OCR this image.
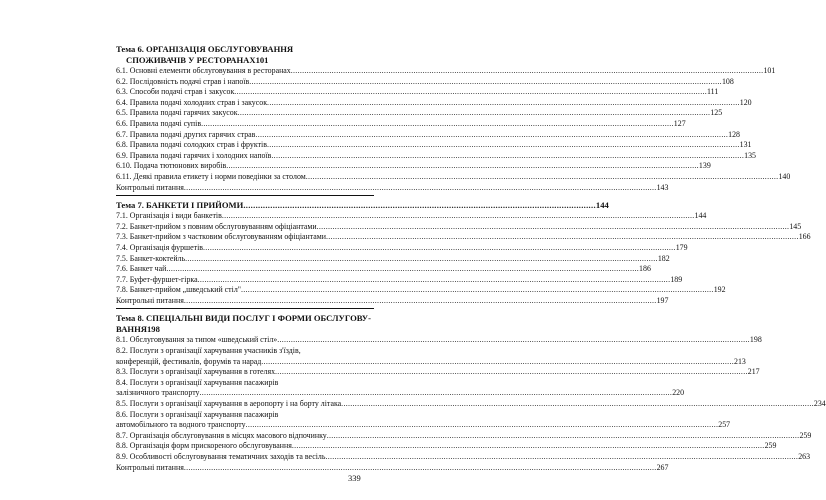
Тема 6. ОРГАНІЗАЦІЯ ОБСЛУГОВУВАННЯ
СПОЖИВАЧІВ У РЕСТОРАНАХ 101
6.1. Основні елементи обслуговування в ресторанах .....	101
6.2. Послідовність подачі страв і напоїв .....	108
6.3. Способи подачі страв і закусок .....	111
6.4. Правила подачі холодних страв і закусок .....	120
6.5. Правила подачі гарячих закусок .....	125
6.6. Правила подачі супів .....	127
6.7. Правила подачі других гарячих страв .....	128
6.8. Правила подачі солодких страв і фруктів .....	131
6.9. Правила подачі гарячих і холодних напоїв .....	135
6.10. Подача тютюнових виробів .....	139
6.11. Деякі правила етикету і норми поведінки за столом .....	140
Контрольні питання .....	143
Тема 7. БАНКЕТИ І ПРИЙОМИ ................................................................................................................................................ 144
7.1. Організація і види банкетів .....	144
7.2. Банкет-прийом з повним обслуговуванням офіціантами .....	145
7.3. Банкет-прийом з частковим обслуговуванням офіціантами .....	166
7.4. Організація фуршетів .....	179
7.5. Банкет-коктейль .....	182
7.6. Банкет чай .....	186
7.7. Буфет-фуршет-гірка .....	189
7.8. Банкет-прийом „шведський стіл" .....	192
Контрольні питання .....	197
Тема 8. СПЕЦІАЛЬНІ ВИДИ ПОСЛУГ І ФОРМИ ОБСЛУГОВУ-
ВАННЯ 198
8.1. Обслуговування за типом «шведський стіл» .....	198
8.2. Послуги з організації харчування учасників з'їздів,
конференцій, фестивалів, форумів та нарад .....	213
8.3. Послуги з організації харчування в готелях .....	217
8.4. Послуги з організації харчування пасажирів
залізничного транспорту .....	220
8.5. Послуги з організації харчування в аеропорту і на борту літака .....	234
8.6. Послуги з організації харчування пасажирів
автомобільного та водного транспорту .....	257
8.7. Організація обслуговування в місцях масового відпочинку .....	259
8.8. Організація форм прискореного обслуговування .....	259
8.9. Особливості обслуговування тематичних заходів та весіль .....	263
Контрольні питання .....	267
339
